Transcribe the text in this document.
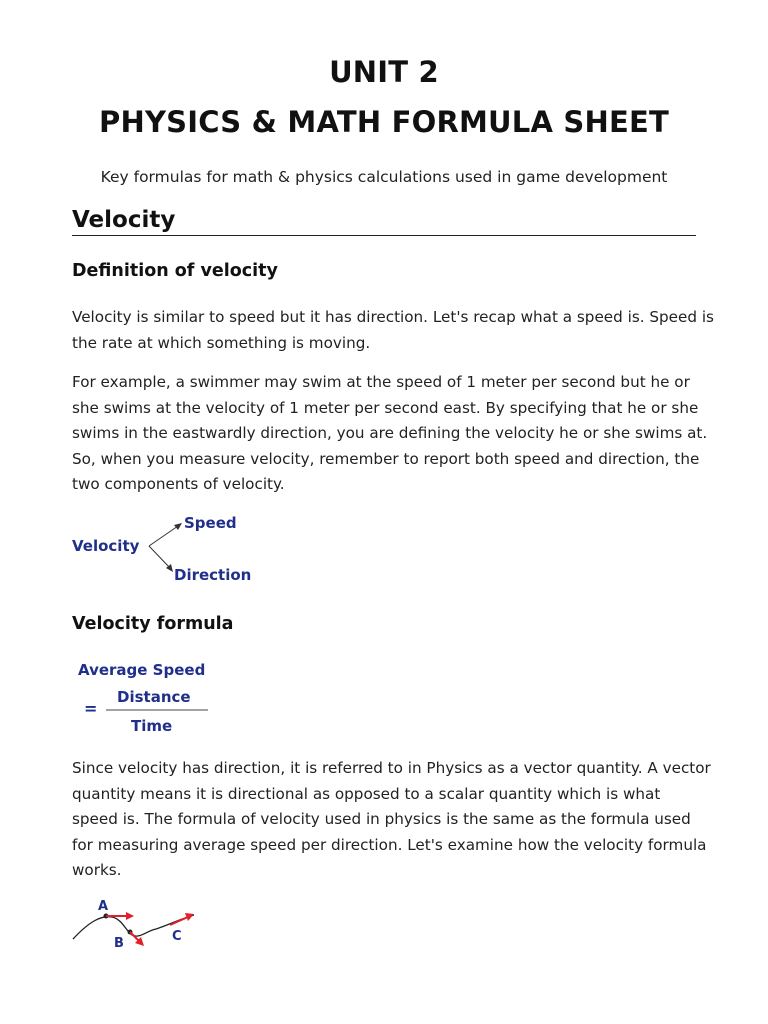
UNIT 2
PHYSICS & MATH FORMULA SHEET
Key formulas for math & physics calculations used in game development
Velocity
Definition of velocity
Velocity is similar to speed but it has direction. Let's recap what a speed is. Speed is
the rate at which something is moving.
For example, a swimmer may swim at the speed of 1 meter per second but he or
she swims at the velocity of 1 meter per second east. By specifying that he or she
swims in the eastwardly direction, you are defining the velocity he or she swims at.
So, when you measure velocity, remember to report both speed and direction, the
two components of velocity.
Velocity
Speed
Direction
Velocity formula
Average Speed
=
Distance
Time
Since velocity has direction, it is referred to in Physics as a vector quantity. A vector
quantity means it is directional as opposed to a scalar quantity which is what
speed is. The formula of velocity used in physics is the same as the formula used
for measuring average speed per direction. Let's examine how the velocity formula
works.
A
B	C
